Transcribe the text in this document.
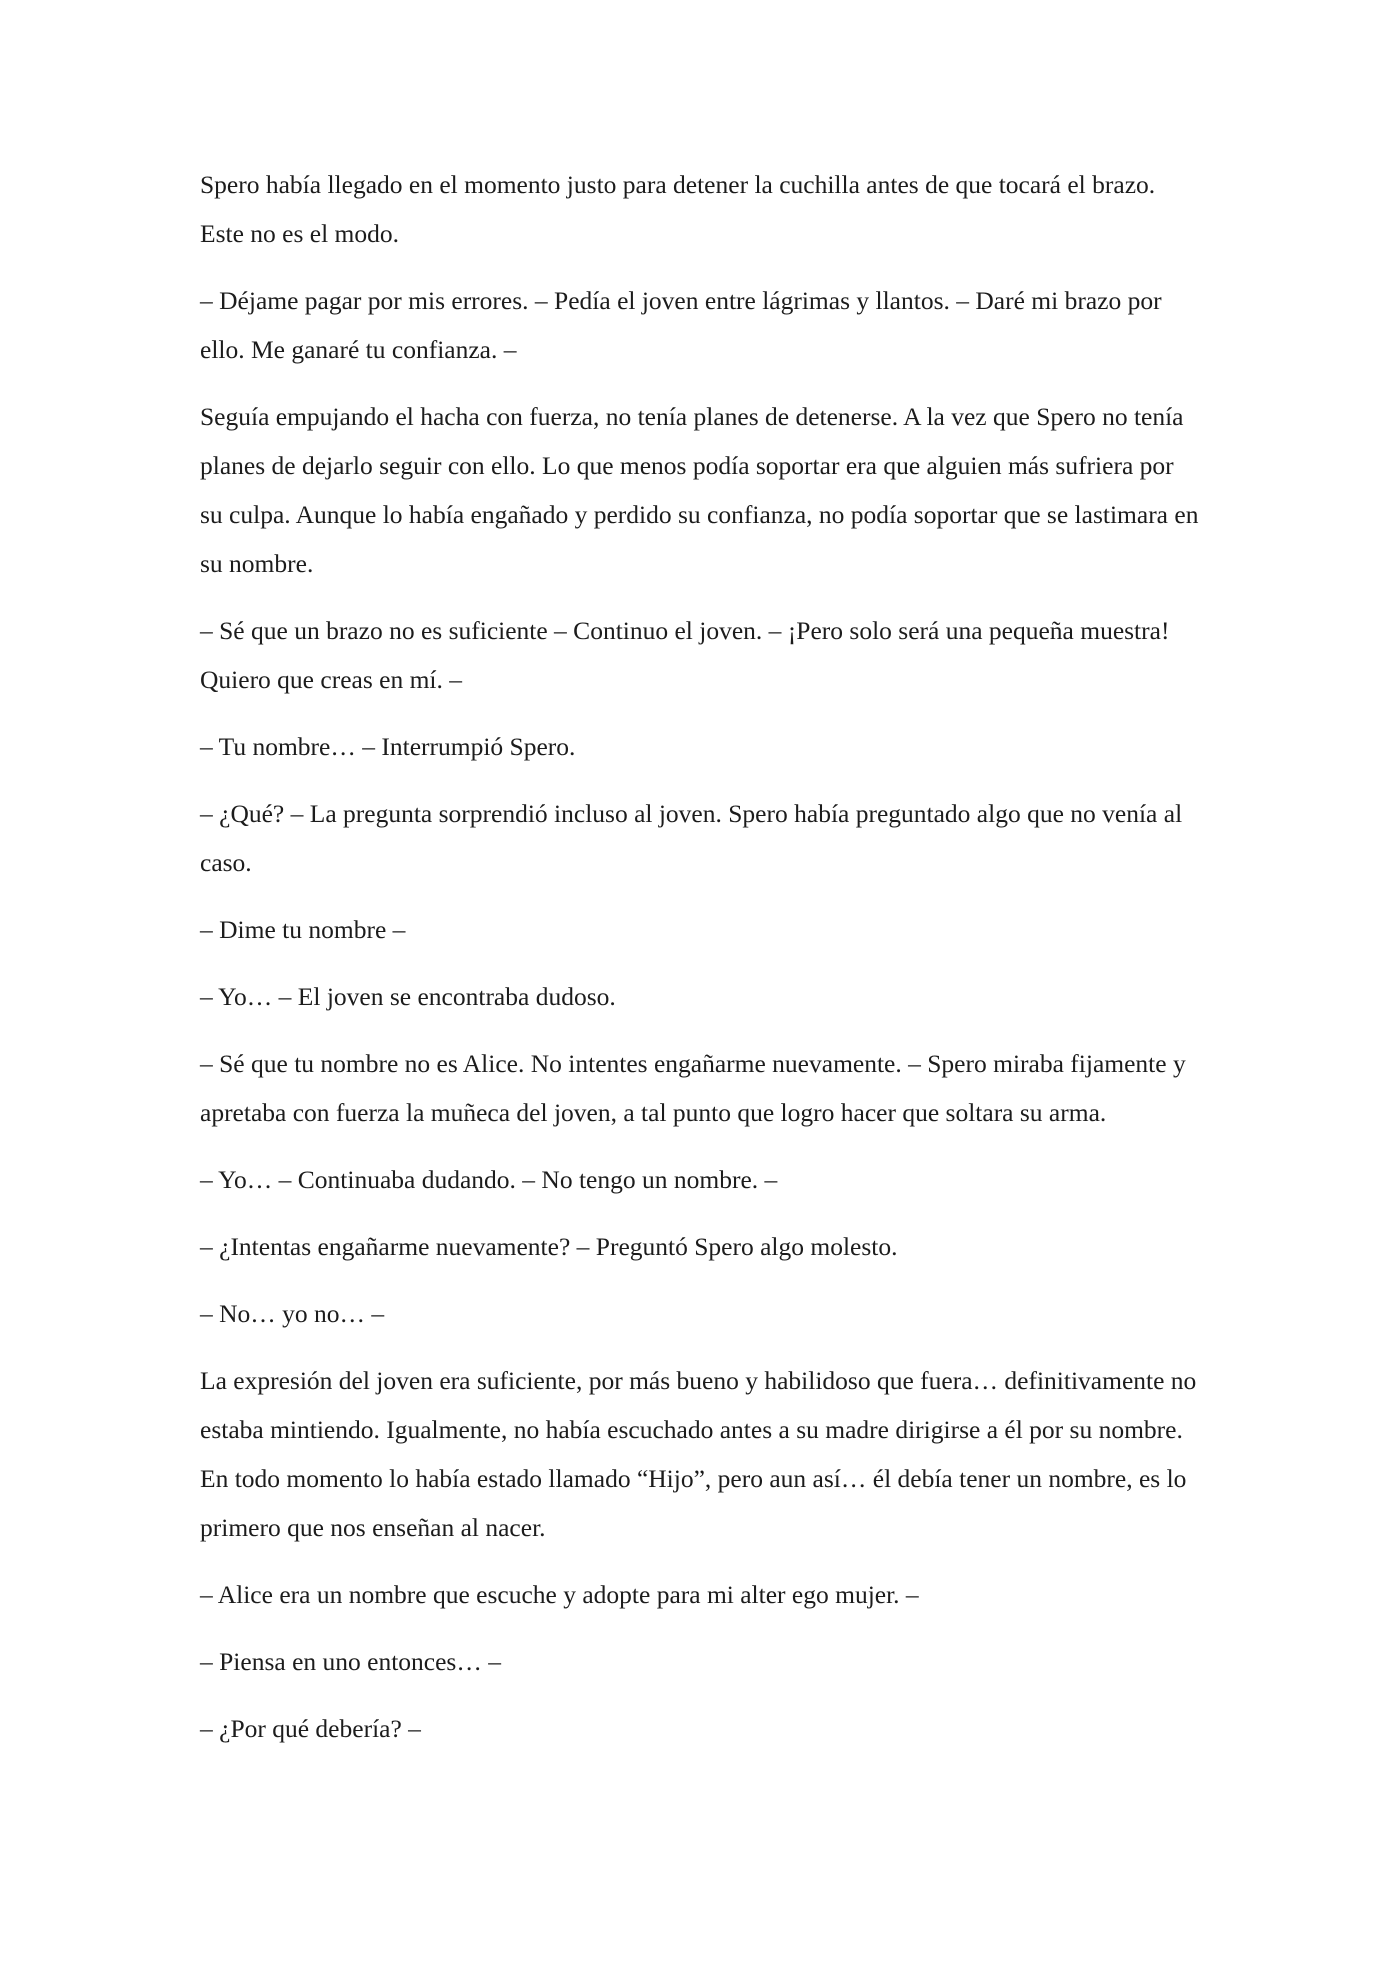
Spero había llegado en el momento justo para detener la cuchilla antes de que tocará el brazo. Este no es el modo.

– Déjame pagar por mis errores. – Pedía el joven entre lágrimas y llantos. – Daré mi brazo por ello. Me ganaré tu confianza. –

Seguía empujando el hacha con fuerza, no tenía planes de detenerse. A la vez que Spero no tenía planes de dejarlo seguir con ello. Lo que menos podía soportar era que alguien más sufriera por su culpa. Aunque lo había engañado y perdido su confianza, no podía soportar que se lastimara en su nombre.

– Sé que un brazo no es suficiente – Continuo el joven. – ¡Pero solo será una pequeña muestra! Quiero que creas en mí. –

– Tu nombre… – Interrumpió Spero.

– ¿Qué? – La pregunta sorprendió incluso al joven. Spero había preguntado algo que no venía al caso.

– Dime tu nombre –

– Yo… – El joven se encontraba dudoso.

– Sé que tu nombre no es Alice. No intentes engañarme nuevamente. – Spero miraba fijamente y apretaba con fuerza la muñeca del joven, a tal punto que logro hacer que soltara su arma.

– Yo… – Continuaba dudando. – No tengo un nombre. –

– ¿Intentas engañarme nuevamente? – Preguntó Spero algo molesto.

– No… yo no… –

La expresión del joven era suficiente, por más bueno y habilidoso que fuera… definitivamente no estaba mintiendo. Igualmente, no había escuchado antes a su madre dirigirse a él por su nombre. En todo momento lo había estado llamado “Hijo”, pero aun así… él debía tener un nombre, es lo primero que nos enseñan al nacer.

– Alice era un nombre que escuche y adopte para mi alter ego mujer. –

– Piensa en uno entonces… –

– ¿Por qué debería? –
